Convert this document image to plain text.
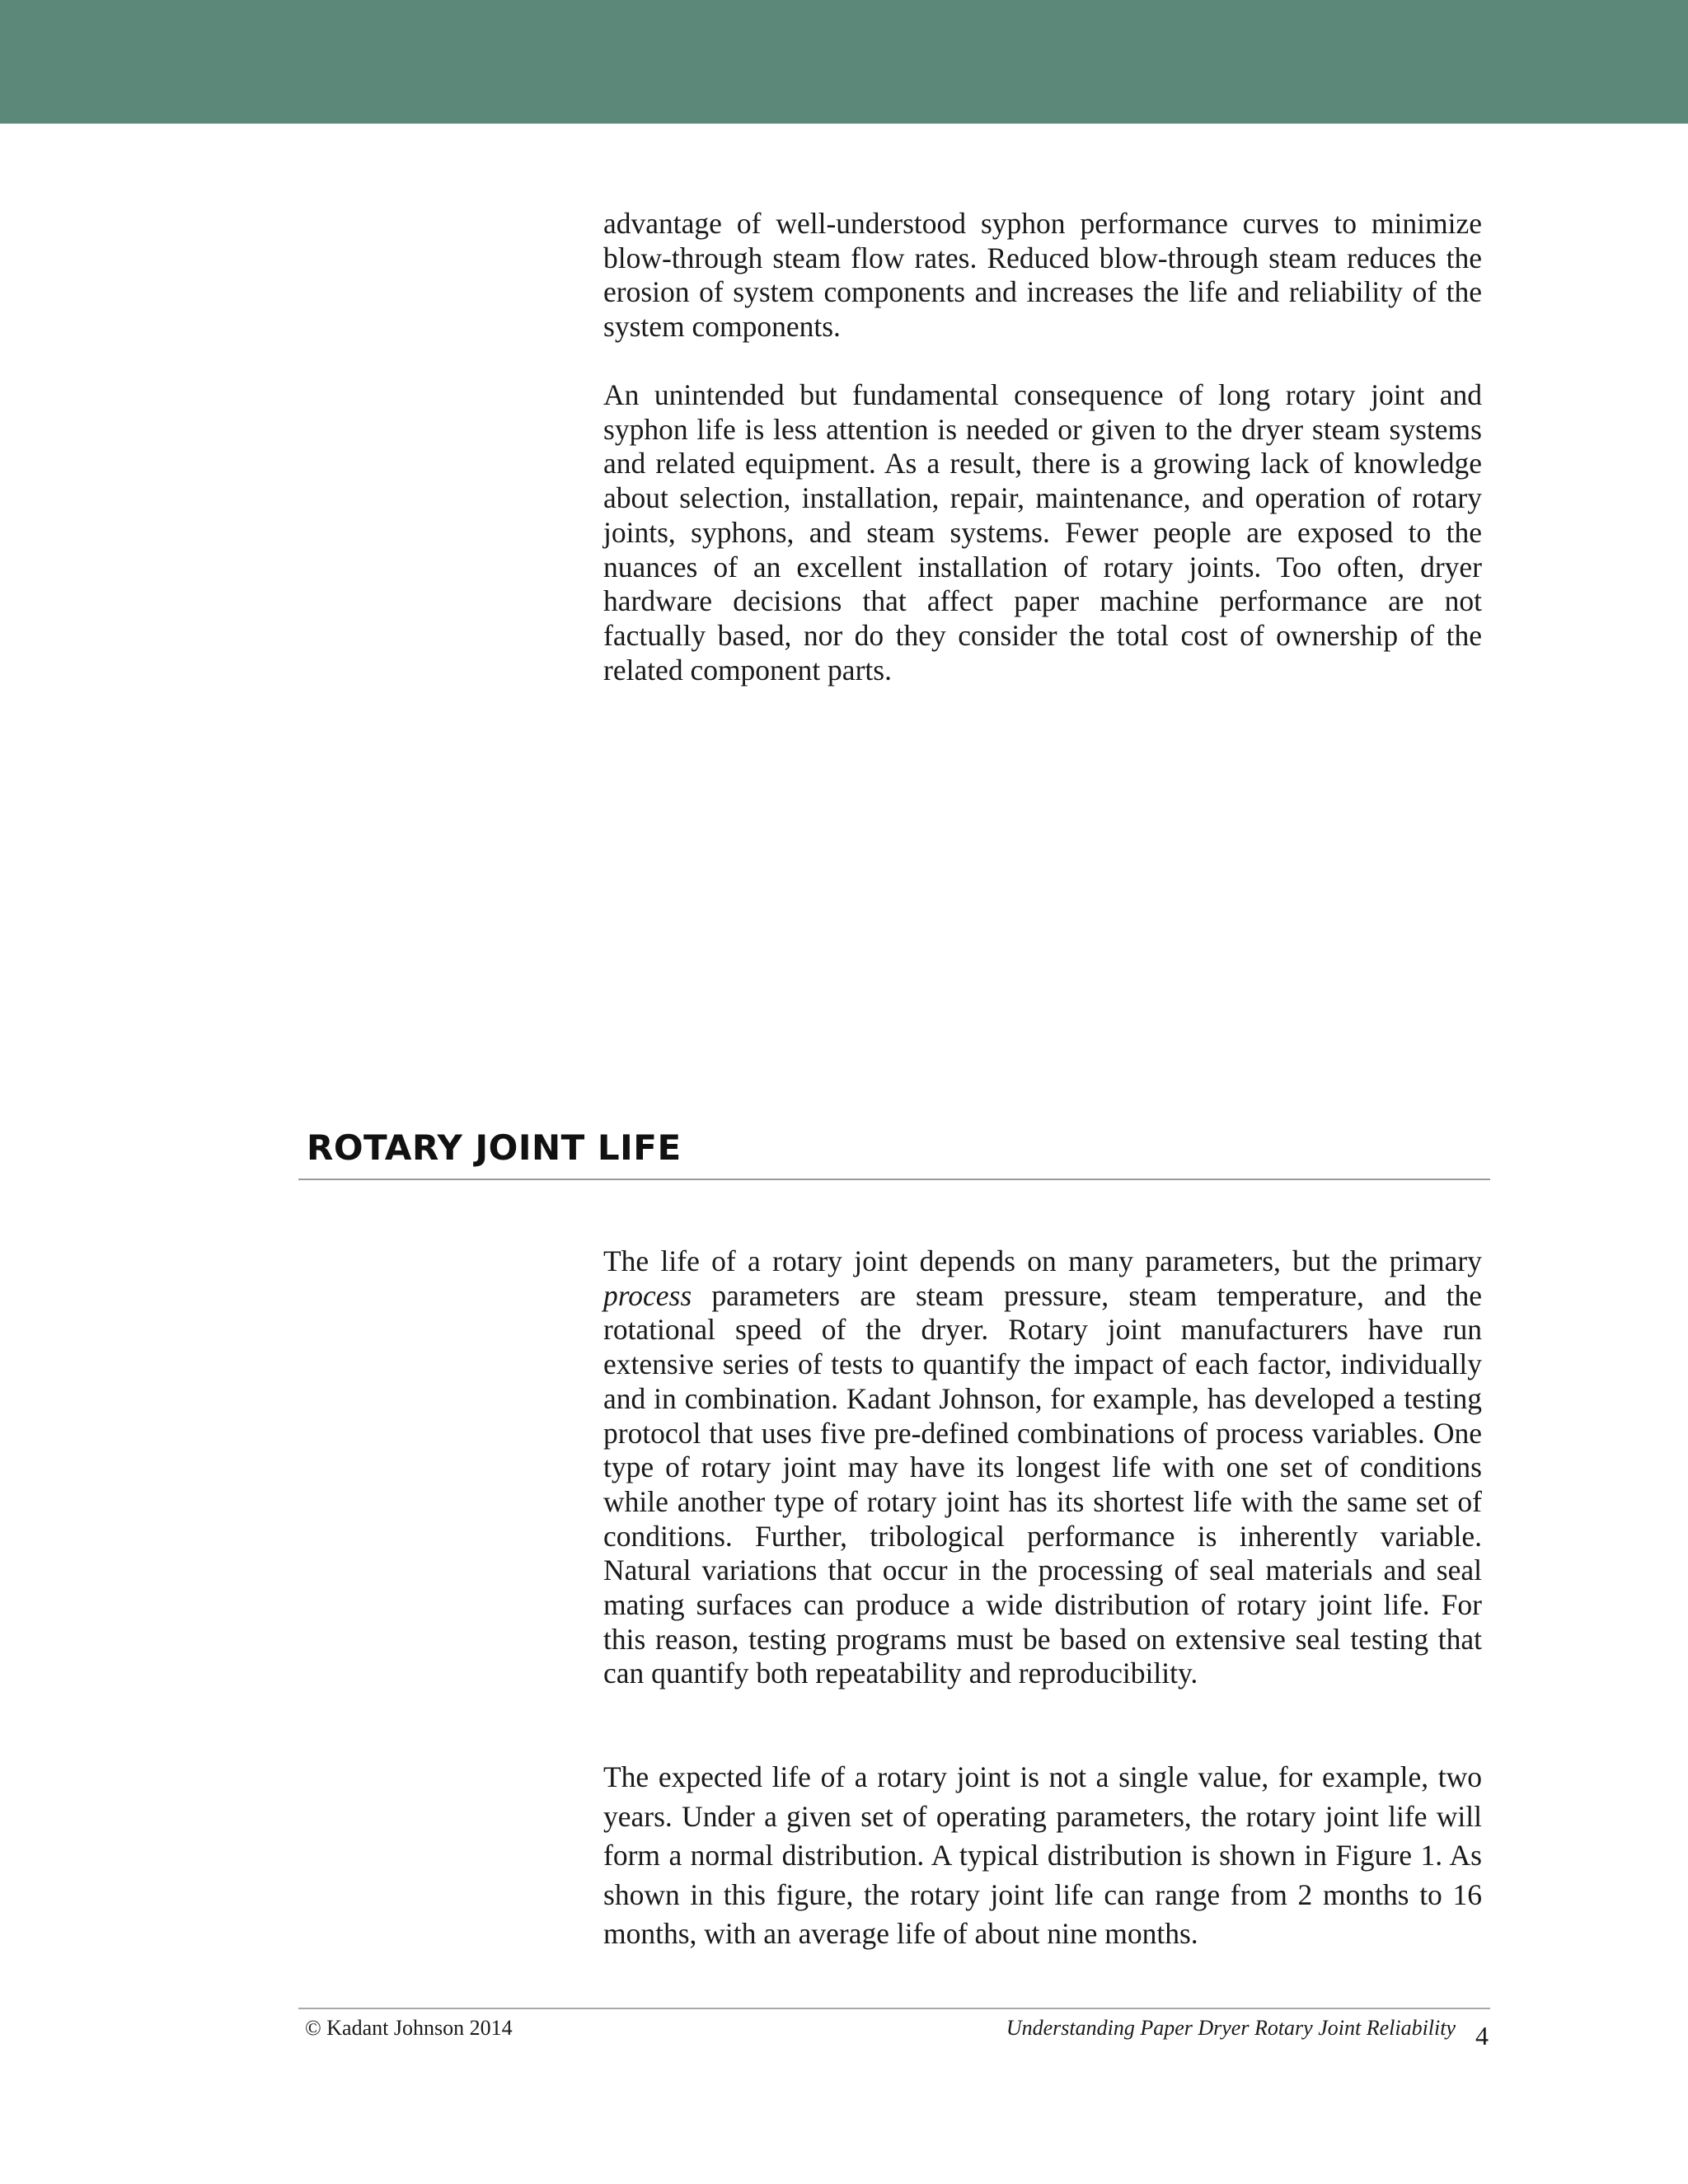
advantage of well-understood syphon performance curves to minimize blow-through steam flow rates. Reduced blow-through steam reduces the erosion of system components and increases the life and reliability of the system components.

An unintended but fundamental consequence of long rotary joint and syphon life is less attention is needed or given to the dryer steam systems and related equipment. As a result, there is a growing lack of knowledge about selection, installation, repair, maintenance, and operation of rotary joints, syphons, and steam systems. Fewer people are exposed to the nuances of an excellent installation of rotary joints. Too often, dryer hardware decisions that affect paper machine performance are not factually based, nor do they consider the total cost of ownership of the related component parts.

ROTARY JOINT LIFE

The life of a rotary joint depends on many parameters, but the primary process parameters are steam pressure, steam temperature, and the rotational speed of the dryer. Rotary joint manufacturers have run extensive series of tests to quantify the impact of each factor, individually and in combination. Kadant Johnson, for example, has developed a testing protocol that uses five pre-defined combinations of process variables. One type of rotary joint may have its longest life with one set of conditions while another type of rotary joint has its shortest life with the same set of conditions. Further, tribological performance is inherently variable. Natural variations that occur in the processing of seal materials and seal mating surfaces can produce a wide distribution of rotary joint life. For this reason, testing programs must be based on extensive seal testing that can quantify both repeatability and reproducibility.

The expected life of a rotary joint is not a single value, for example, two years. Under a given set of operating parameters, the rotary joint life will form a normal distribution. A typical distribution is shown in Figure 1. As shown in this figure, the rotary joint life can range from 2 months to 16 months, with an average life of about nine months.

© Kadant Johnson 2014	Understanding Paper Dryer Rotary Joint Reliability 4
